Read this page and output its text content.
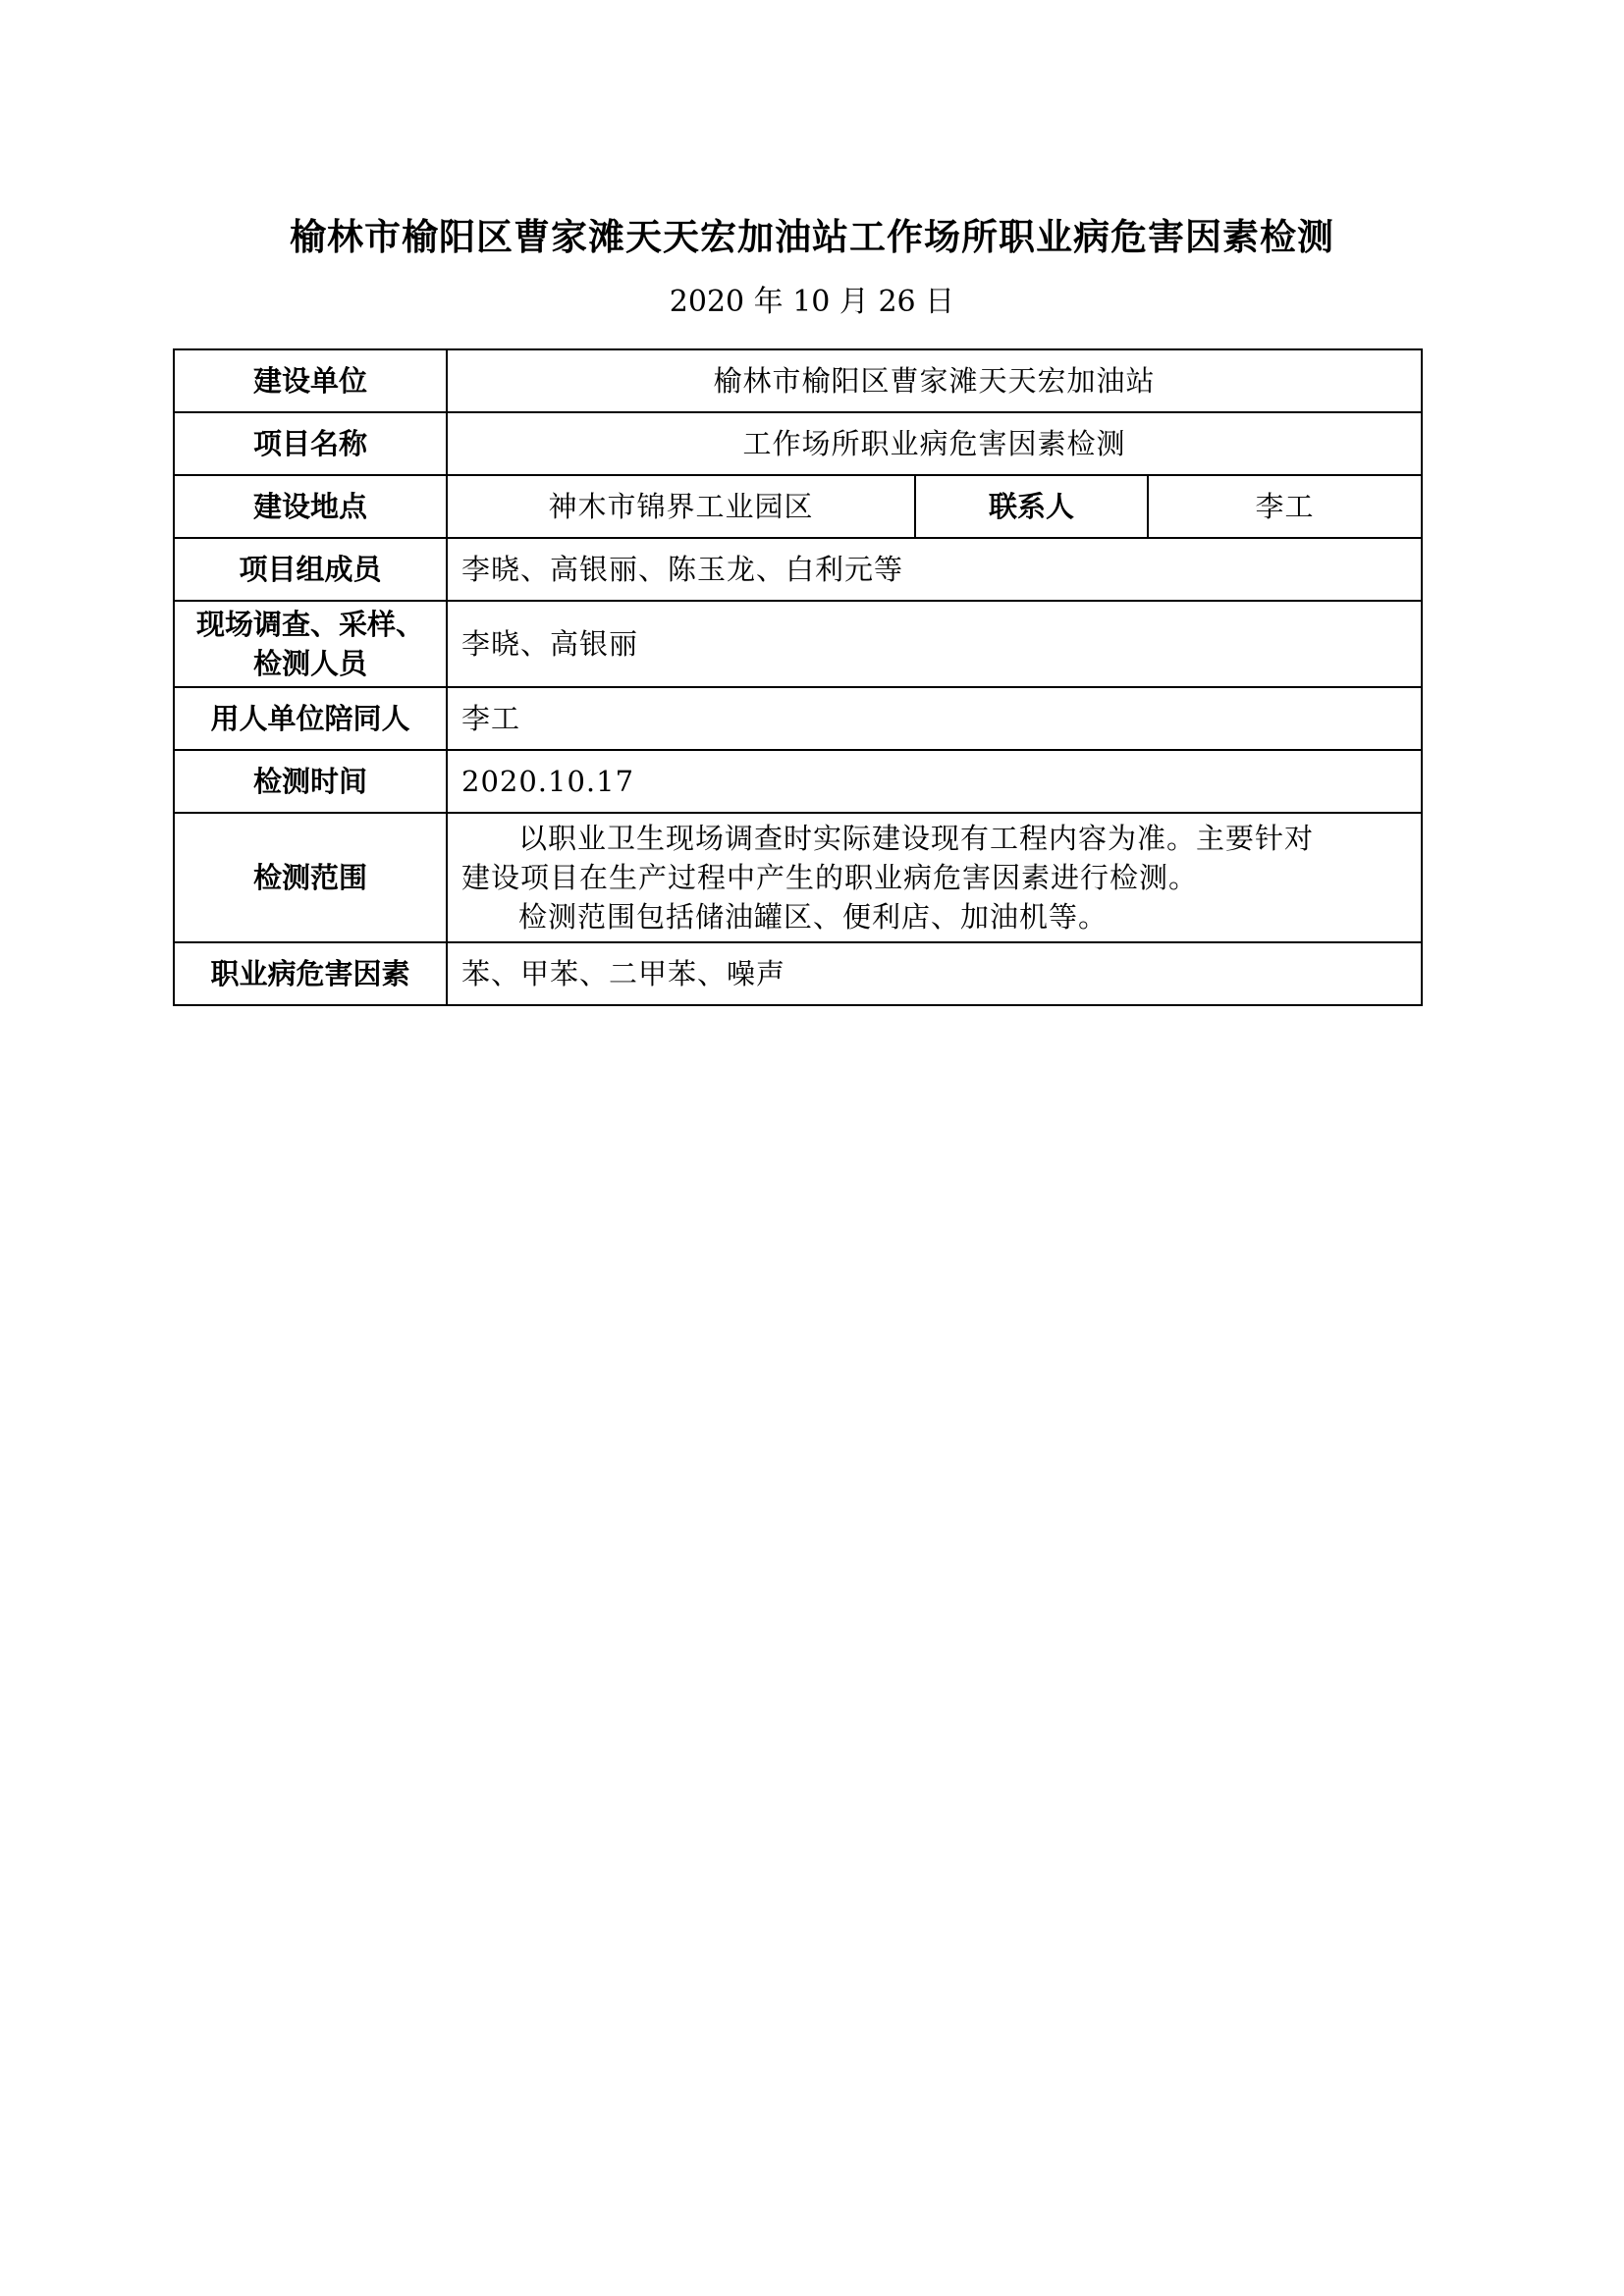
榆林市榆阳区曹家滩天天宏加油站工作场所职业病危害因素检测
2020 年 10 月 26 日
建设单位	榆林市榆阳区曹家滩天天宏加油站		
项目名称	工作场所职业病危害因素检测		
建设地点	神木市锦界工业园区	联系人	李工
项目组成员	李晓、高银丽、陈玉龙、白利元等		

现场调查、采样、
检测人员	李晓、高银丽		
用人单位陪同人	李工		
检测时间	2020.10.17		
检测范围	以职业卫生现场调查时实际建设现有工程内容为准。主要针对

建设项目在生产过程中产生的职业病危害因素进行检测。

检测范围包括储油罐区、便利店、加油机等。		

职业病危害因素	苯、甲苯、二甲苯、噪声		
